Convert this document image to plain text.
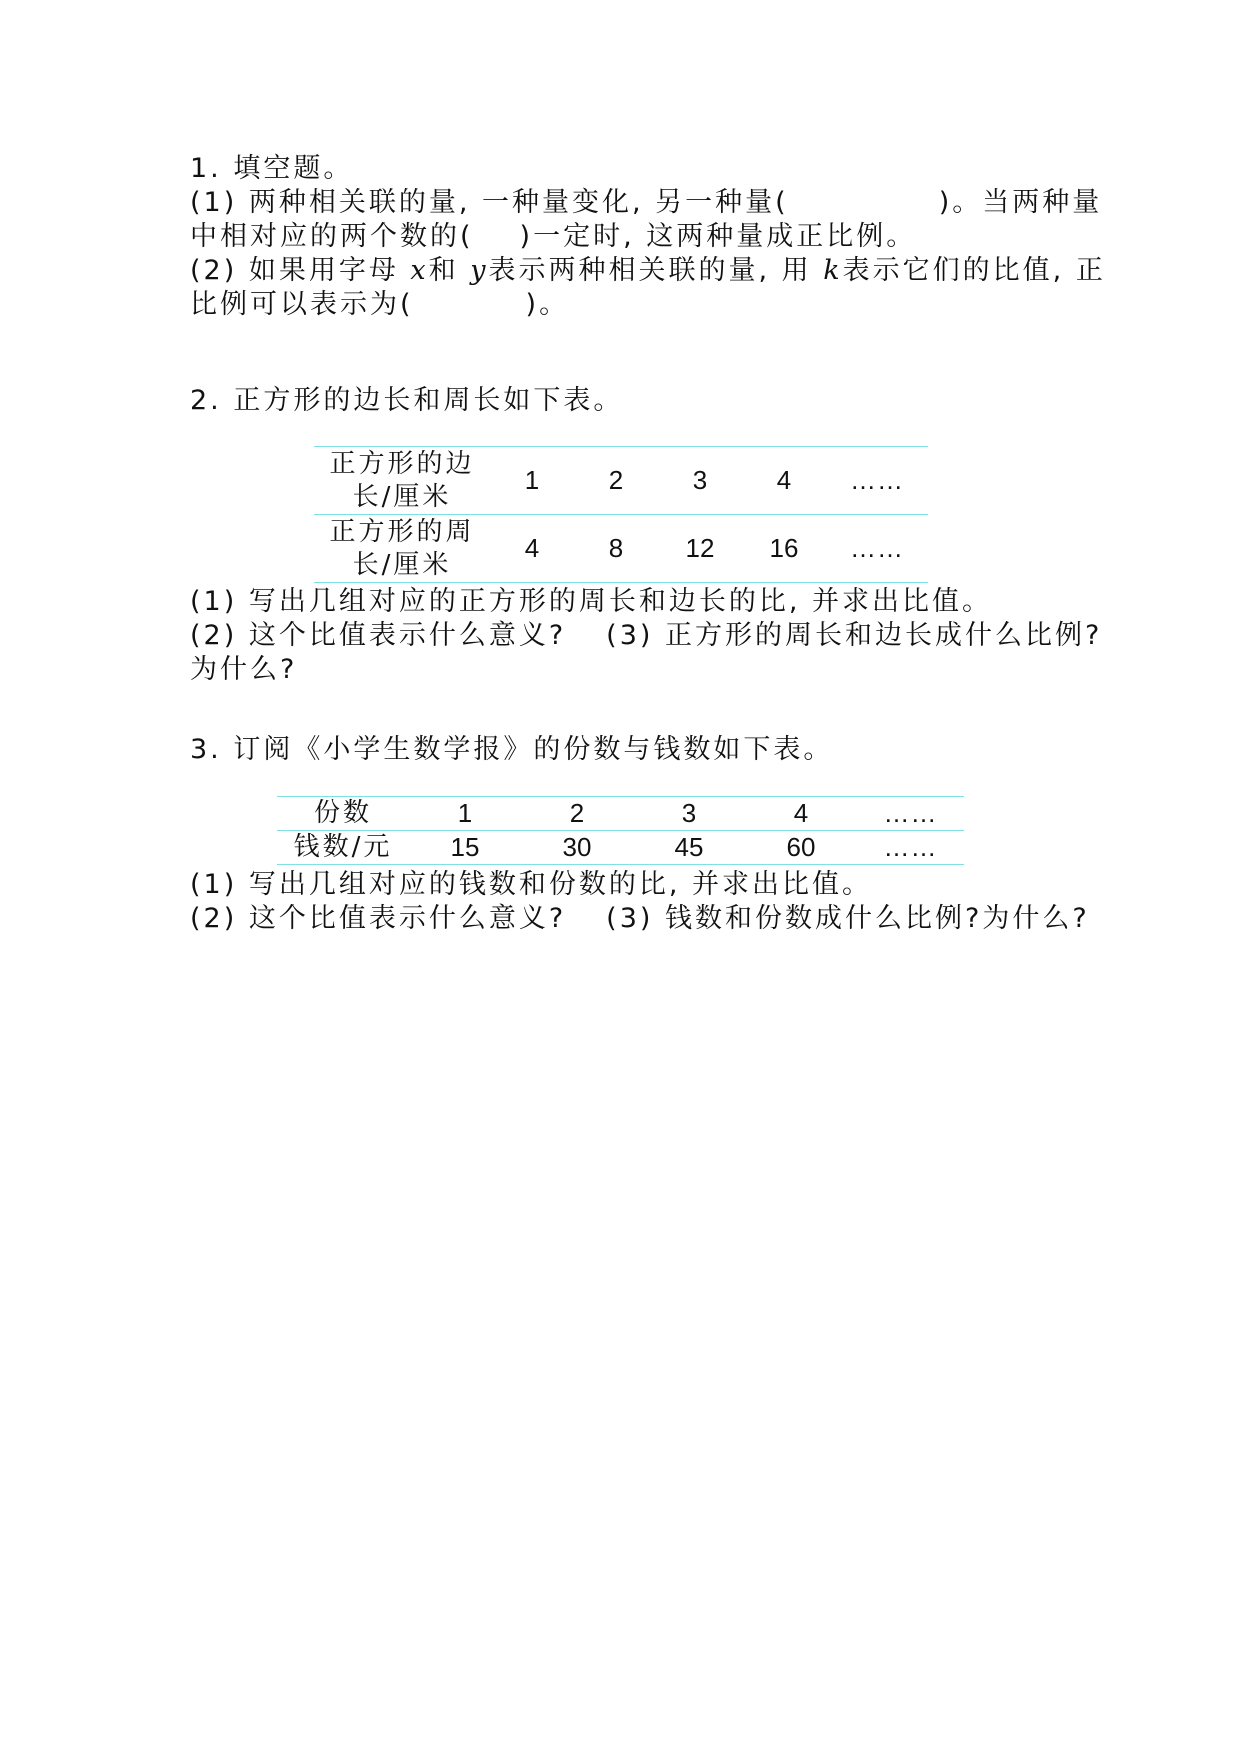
1. 填空题。
(1) 两种相关联的量, 一种量变化, 另一种量(	)。当两种量
中相对应的两个数的( )一定时, 这两种量成正比例。
(2) 如果用字母 x和 y表示两种相关联的量, 用 k表示它们的比值, 正
比例可以表示为(	)。
2. 正方形的边长和周长如下表。
正方形的边
长/厘米	1	2	3	4	……

正方形的周
长/厘米	4	8	12	16	……
(1) 写出几组对应的正方形的周长和边长的比, 并求出比值。
(2) 这个比值表示什么意义? (3) 正方形的周长和边长成什么比例?
为什么?
3. 订阅《小学生数学报》的份数与钱数如下表。
份数	1	2	3	4	……
钱数/元	15	30	45	60	……
(1) 写出几组对应的钱数和份数的比, 并求出比值。
(2) 这个比值表示什么意义? (3) 钱数和份数成什么比例?为什么?
